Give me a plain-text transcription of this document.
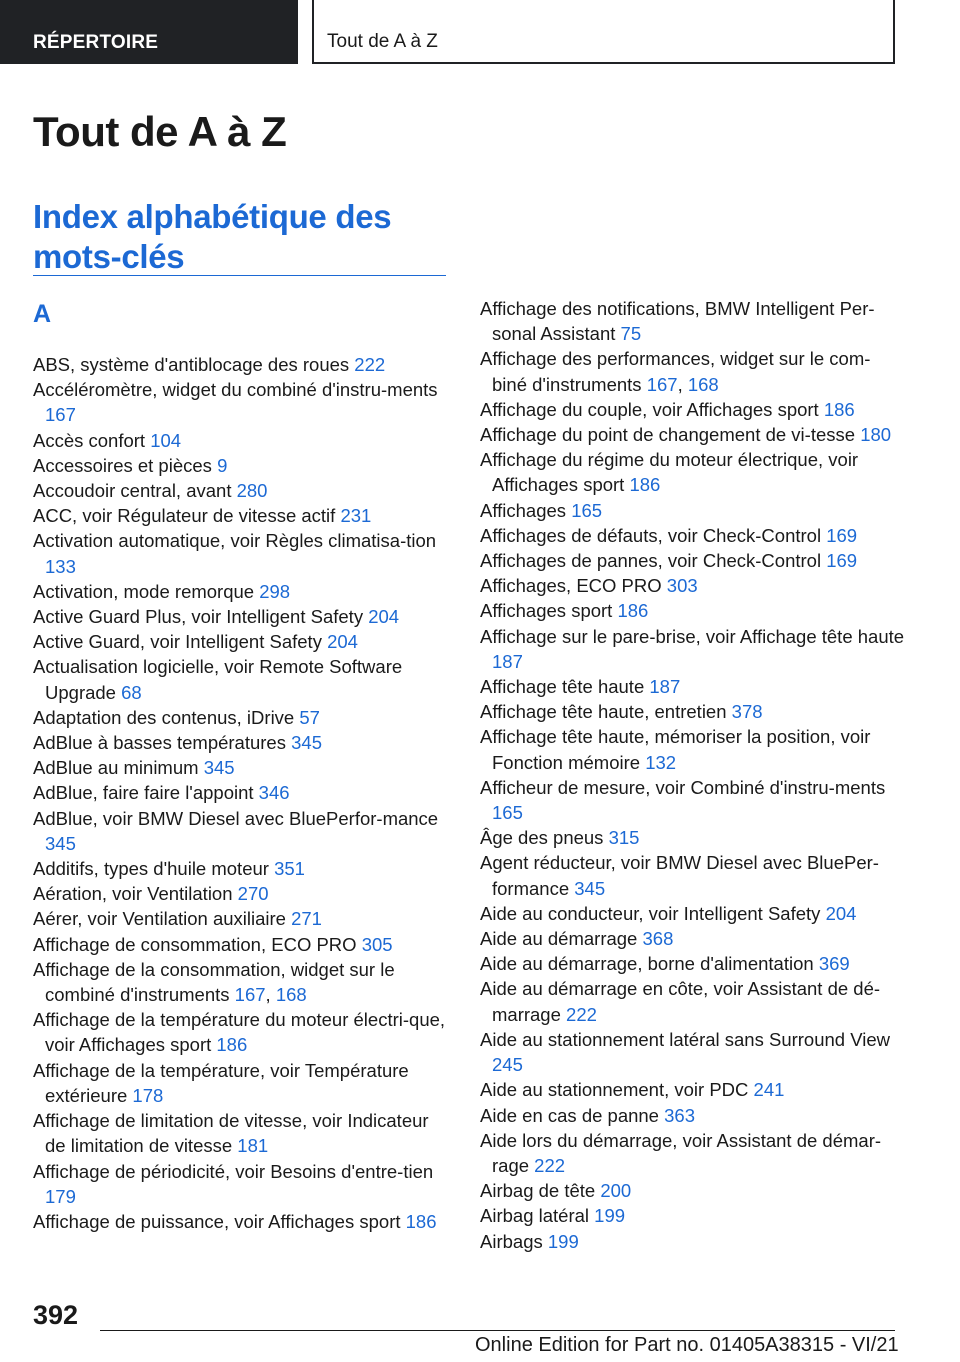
RÉPERTOIRE	Tout de A à Z
Tout de A à Z
Index alphabétique des mots-clés
A

ABS, système d'antiblocage des roues 222

Accéléromètre, widget du combiné d'instru-ments 167

Accès confort 104

Accessoires et pièces 9

Accoudoir central, avant 280

ACC, voir Régulateur de vitesse actif 231

Activation automatique, voir Règles climatisa-tion 133

Activation, mode remorque 298

Active Guard Plus, voir Intelligent Safety 204

Active Guard, voir Intelligent Safety 204

Actualisation logicielle, voir Remote Software Upgrade 68

Adaptation des contenus, iDrive 57

AdBlue à basses températures 345

AdBlue au minimum 345

AdBlue, faire faire l'appoint 346

AdBlue, voir BMW Diesel avec BluePerfor-mance 345

Additifs, types d'huile moteur 351

Aération, voir Ventilation 270

Aérer, voir Ventilation auxiliaire 271

Affichage de consommation, ECO PRO 305

Affichage de la consommation, widget sur le combiné d'instruments 167, 168

Affichage de la température du moteur électri-que, voir Affichages sport 186

Affichage de la température, voir Température extérieure 178

Affichage de limitation de vitesse, voir Indicateur de limitation de vitesse 181

Affichage de périodicité, voir Besoins d'entre-tien 179

Affichage de puissance, voir Affichages sport 186

Affichage des notifications, BMW Intelligent Per-sonal Assistant 75

Affichage des performances, widget sur le com-biné d'instruments 167, 168

Affichage du couple, voir Affichages sport 186

Affichage du point de changement de vi-tesse 180

Affichage du régime du moteur électrique, voir Affichages sport 186

Affichages 165

Affichages de défauts, voir Check-Control 169

Affichages de pannes, voir Check-Control 169

Affichages, ECO PRO 303

Affichages sport 186

Affichage sur le pare-brise, voir Affichage tête haute 187

Affichage tête haute 187

Affichage tête haute, entretien 378

Affichage tête haute, mémoriser la position, voir Fonction mémoire 132

Afficheur de mesure, voir Combiné d'instru-ments 165

Âge des pneus 315

Agent réducteur, voir BMW Diesel avec BluePer-formance 345

Aide au conducteur, voir Intelligent Safety 204

Aide au démarrage 368

Aide au démarrage, borne d'alimentation 369

Aide au démarrage en côte, voir Assistant de dé-marrage 222

Aide au stationnement latéral sans Surround View 245

Aide au stationnement, voir PDC 241

Aide en cas de panne 363

Aide lors du démarrage, voir Assistant de démar-rage 222

Airbag de tête 200

Airbag latéral 199

Airbags 199

392
Online Edition for Part no. 01405A38315 - VI/21
